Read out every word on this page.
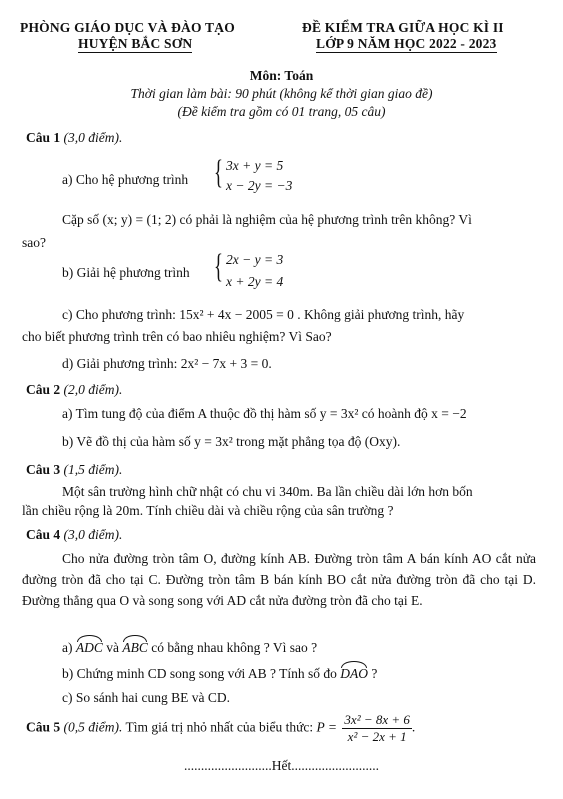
PHÒNG GIÁO DỤC VÀ ĐÀO TẠO
HUYỆN BẮC SƠN
ĐỀ KIỂM TRA GIỮA HỌC KÌ II
LỚP 9 NĂM HỌC 2022 - 2023
Môn: Toán
Thời gian làm bài: 90 phút (không kể thời gian giao đề)
(Đề kiểm tra gồm có 01 trang, 05 câu)
Câu 1 (3,0 điểm).
a) Cho hệ phương trình { 3x + y = 5
x − 2y = −3
Cặp số (x; y) = (1; 2) có phải là nghiệm của hệ phương trình trên không? Vì
sao?
b) Giải hệ phương trình { 2x − y = 3
x + 2y = 4
c) Cho phương trình: 15x² + 4x − 2005 = 0 . Không giải phương trình, hãy
cho biết phương trình trên có bao nhiêu nghiệm? Vì Sao?
d) Giải phương trình: 2x² − 7x + 3 = 0.
Câu 2 (2,0 điểm).
a) Tìm tung độ của điểm A thuộc đồ thị hàm số y = 3x² có hoành độ x = −2
b) Vẽ đồ thị của hàm số y = 3x² trong mặt phẳng tọa độ (Oxy).
Câu 3 (1,5 điểm).
Một sân trường hình chữ nhật có chu vi 340m. Ba lần chiều dài lớn hơn bốn
lần chiều rộng là 20m. Tính chiều dài và chiều rộng của sân trường ?
Câu 4 (3,0 điểm).
Cho nửa đường tròn tâm O, đường kính AB. Đường tròn tâm A bán kính AO cắt nửa đường tròn đã cho tại C. Đường tròn tâm B bán kính BO cắt nửa đường tròn đã cho tại D. Đường thẳng qua O và song song với AD cắt nửa đường tròn đã cho tại E.
a) ADC và ABC có bằng nhau không ? Vì sao ?
b) Chứng minh CD song song với AB ? Tính số đo DAO ?
c) So sánh hai cung BE và CD.
Câu 5 (0,5 điểm). Tìm giá trị nhỏ nhất của biểu thức: $P = \frac{\text{3x² − 8x + 6}}{\text{x² − 2x + 1}}$ .
..........................Hết..........................
